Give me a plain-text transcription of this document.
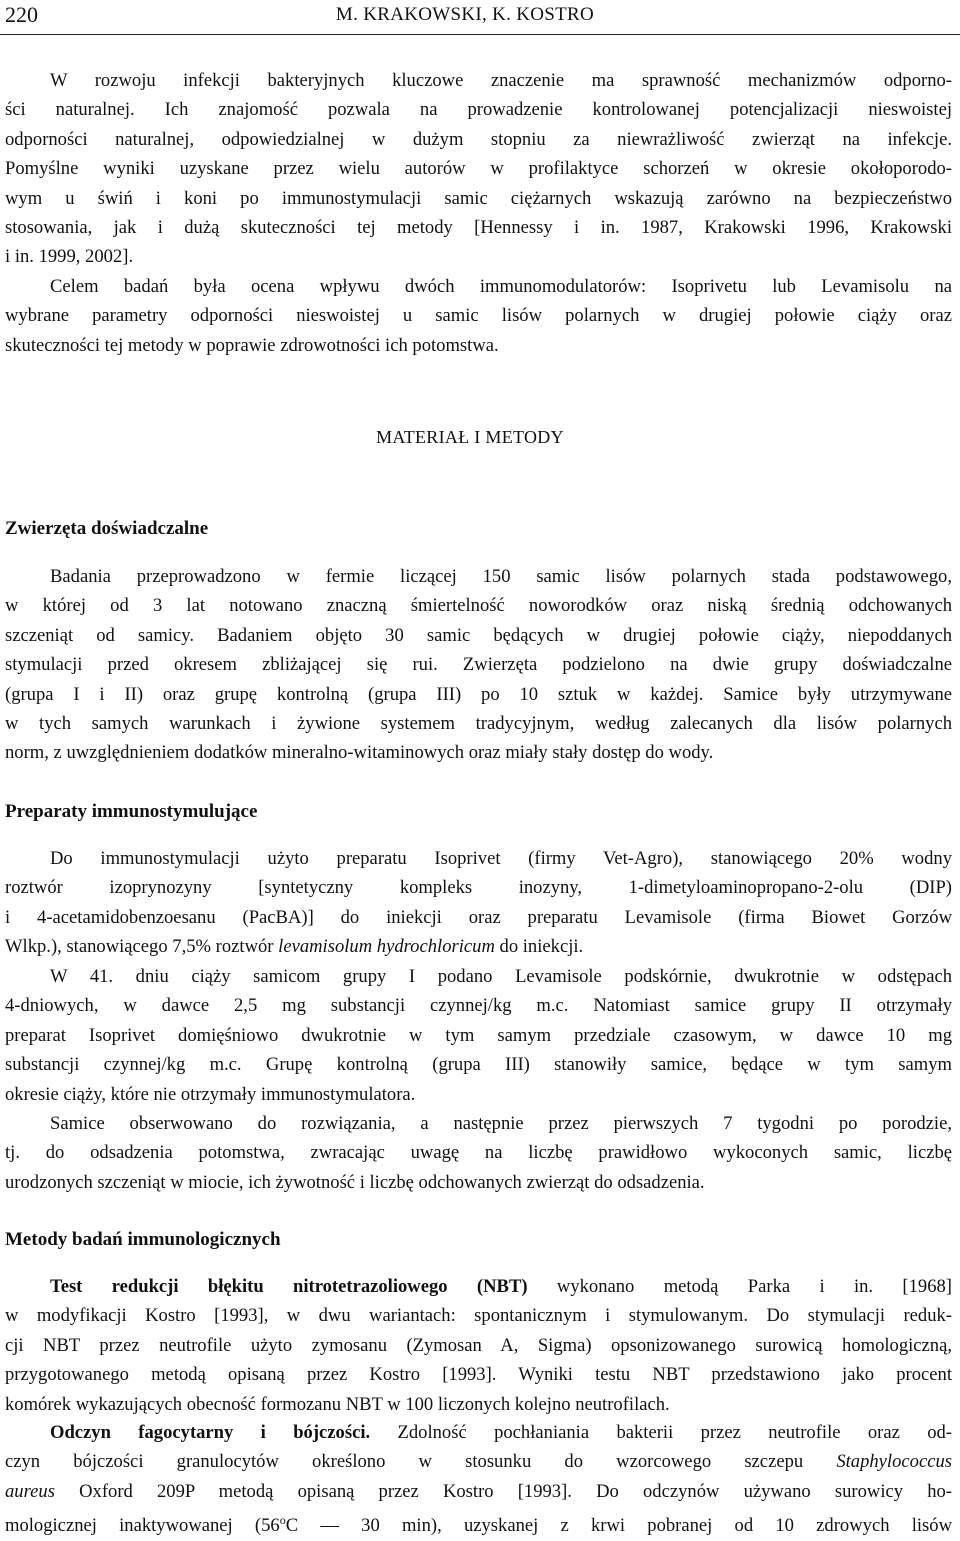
220	M. KRAKOWSKI, K. KOSTRO
W rozwoju infekcji bakteryjnych kluczowe znaczenie ma sprawność mechanizmów odporno-
ści naturalnej. Ich znajomość pozwala na prowadzenie kontrolowanej potencjalizacji nieswoistej
odporności naturalnej, odpowiedzialnej w dużym stopniu za niewrażliwość zwierząt na infekcje.
Pomyślne wyniki uzyskane przez wielu autorów w profilaktyce schorzeń w okresie okołoporodo-
wym u świń i koni po immunostymulacji samic ciężarnych wskazują zarówno na bezpieczeństwo
stosowania, jak i dużą skuteczności tej metody [Hennessy i in. 1987, Krakowski 1996, Krakowski
i in. 1999, 2002].
Celem badań była ocena wpływu dwóch immunomodulatorów: Isoprivetu lub Levamisolu na
wybrane parametry odporności nieswoistej u samic lisów polarnych w drugiej połowie ciąży oraz
skuteczności tej metody w poprawie zdrowotności ich potomstwa.
MATERIAŁ I METODY
Zwierzęta doświadczalne
Badania przeprowadzono w fermie liczącej 150 samic lisów polarnych stada podstawowego,
w której od 3 lat notowano znaczną śmiertelność noworodków oraz niską średnią odchowanych
szczeniąt od samicy. Badaniem objęto 30 samic będących w drugiej połowie ciąży, niepoddanych
stymulacji przed okresem zbliżającej się rui. Zwierzęta podzielono na dwie grupy doświadczalne
(grupa I i II) oraz grupę kontrolną (grupa III) po 10 sztuk w każdej. Samice były utrzymywane
w tych samych warunkach i żywione systemem tradycyjnym, według zalecanych dla lisów polarnych
norm, z uwzględnieniem dodatków mineralno-witaminowych oraz miały stały dostęp do wody.
Preparaty immunostymulujące
Do immunostymulacji użyto preparatu Isoprivet (firmy Vet-Agro), stanowiącego 20% wodny
roztwór izoprynozyny [syntetyczny kompleks inozyny, 1-dimetyloaminopropano-2-olu (DIP)
i 4-acetamidobenzoesanu (PacBA)] do iniekcji oraz preparatu Levamisole (firma Biowet Gorzów
Wlkp.), stanowiącego 7,5% roztwór levamisolum hydrochloricum do iniekcji.
W 41. dniu ciąży samicom grupy I podano Levamisole podskórnie, dwukrotnie w odstępach
4-dniowych, w dawce 2,5 mg substancji czynnej/kg m.c. Natomiast samice grupy II otrzymały
preparat Isoprivet domięśniowo dwukrotnie w tym samym przedziale czasowym, w dawce 10 mg
substancji czynnej/kg m.c. Grupę kontrolną (grupa III) stanowiły samice, będące w tym samym
okresie ciąży, które nie otrzymały immunostymulatora.
Samice obserwowano do rozwiązania, a następnie przez pierwszych 7 tygodni po porodzie,
tj. do odsadzenia potomstwa, zwracając uwagę na liczbę prawidłowo wykoconych samic, liczbę
urodzonych szczeniąt w miocie, ich żywotność i liczbę odchowanych zwierząt do odsadzenia.
Metody badań immunologicznych
Test redukcji błękitu nitrotetrazoliowego (NBT) wykonano metodą Parka i in. [1968]
w modyfikacji Kostro [1993], w dwu wariantach: spontanicznym i stymulowanym. Do stymulacji reduk-
cji NBT przez neutrofile użyto zymosanu (Zymosan A, Sigma) opsonizowanego surowicą homologiczną,
przygotowanego metodą opisaną przez Kostro [1993]. Wyniki testu NBT przedstawiono jako procent
komórek wykazujących obecność formozanu NBT w 100 liczonych kolejno neutrofilach.
Odczyn fagocytarny i bójczości. Zdolność pochłaniania bakterii przez neutrofile oraz od-
czyn bójczości granulocytów określono w stosunku do wzorcowego szczepu Staphylococcus
aureus Oxford 209P metodą opisaną przez Kostro [1993]. Do odczynów używano surowicy ho-
mologicznej inaktywowanej (56$^o$C — 30 min), uzyskanej z krwi pobranej od 10 zdrowych lisów
